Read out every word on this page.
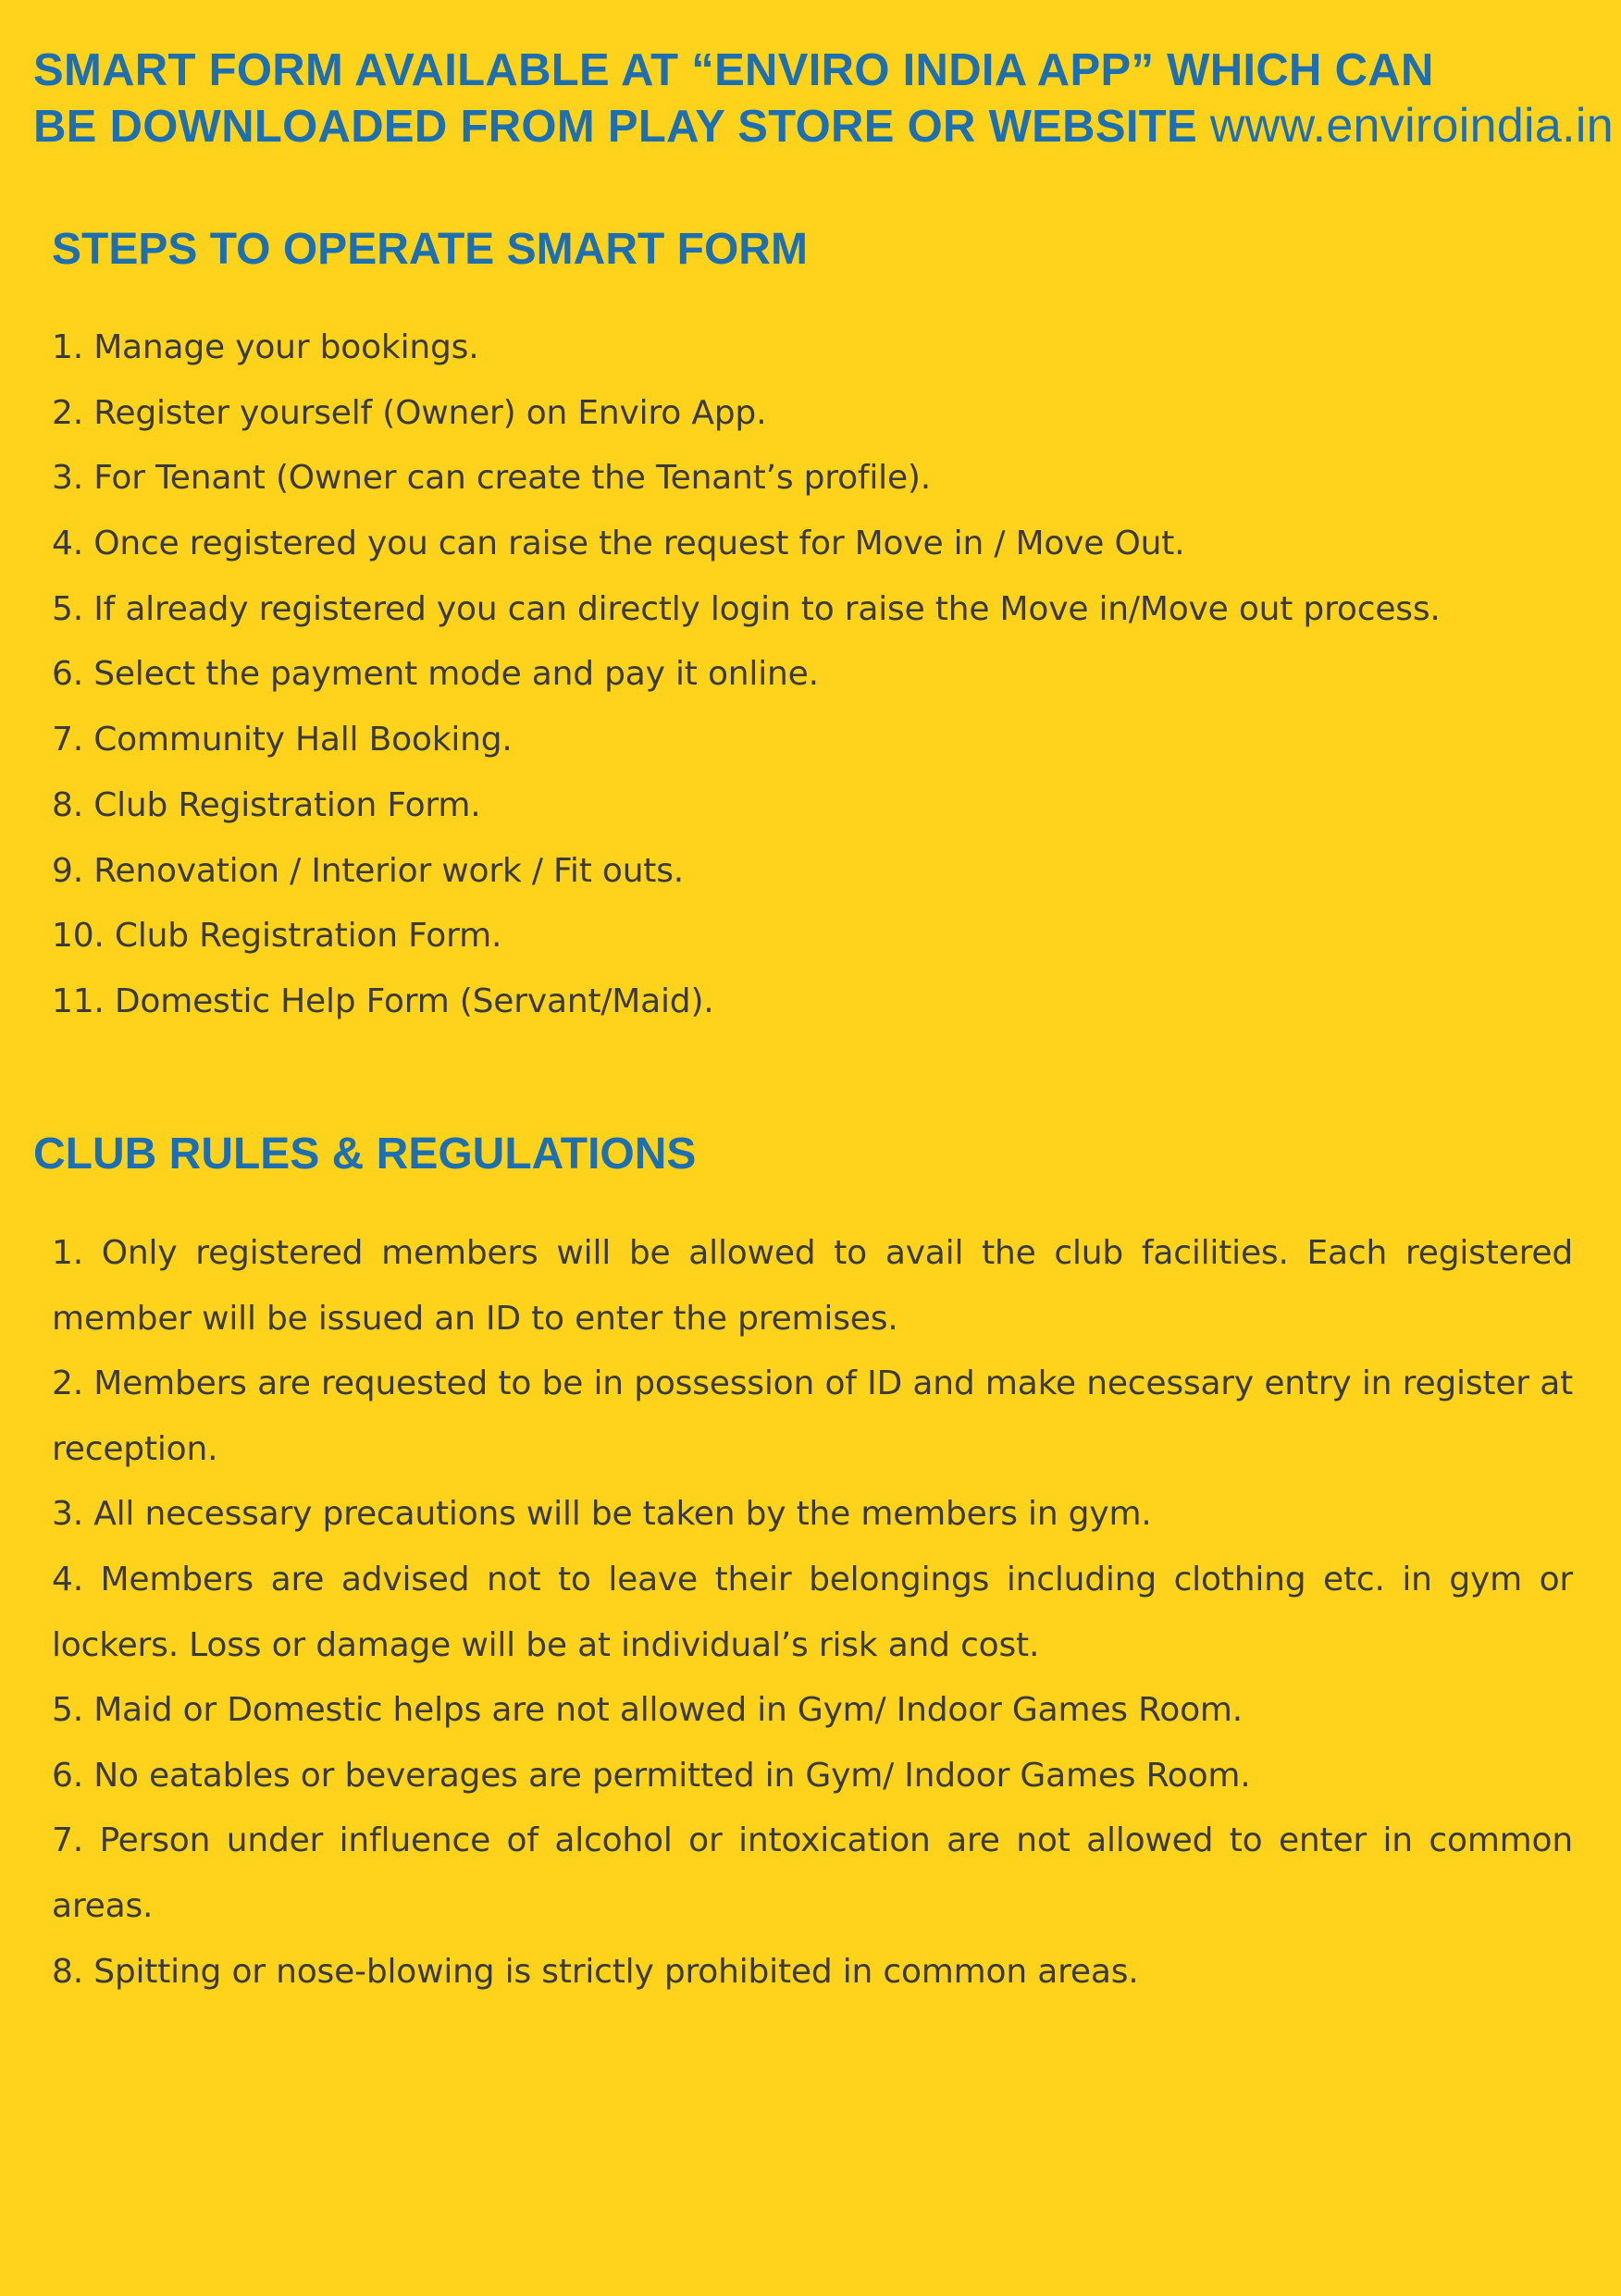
SMART FORM AVAILABLE AT “ENVIRO INDIA APP” WHICH CAN
BE DOWNLOADED FROM PLAY STORE OR WEBSITE www.enviroindia.in
STEPS TO OPERATE SMART FORM
1. Manage your bookings.
2. Register yourself (Owner) on Enviro App.
3. For Tenant (Owner can create the Tenant’s profile).
4. Once registered you can raise the request for Move in / Move Out.
5. If already registered you can directly login to raise the Move in/Move out process.
6. Select the payment mode and pay it online.
7. Community Hall Booking.
8. Club Registration Form.
9. Renovation / Interior work / Fit outs.
10. Club Registration Form.
11. Domestic Help Form (Servant/Maid).
CLUB RULES & REGULATIONS
1. Only registered members will be allowed to avail the club facilities. Each registered member will be issued an ID to enter the premises.
2. Members are requested to be in possession of ID and make necessary entry in register at reception.
3. All necessary precautions will be taken by the members in gym.
4. Members are advised not to leave their belongings including clothing etc. in gym or lockers. Loss or damage will be at individual’s risk and cost.
5. Maid or Domestic helps are not allowed in Gym/ Indoor Games Room.
6. No eatables or beverages are permitted in Gym/ Indoor Games Room.
7. Person under influence of alcohol or intoxication are not allowed to enter in common areas.
8. Spitting or nose-blowing is strictly prohibited in common areas.
